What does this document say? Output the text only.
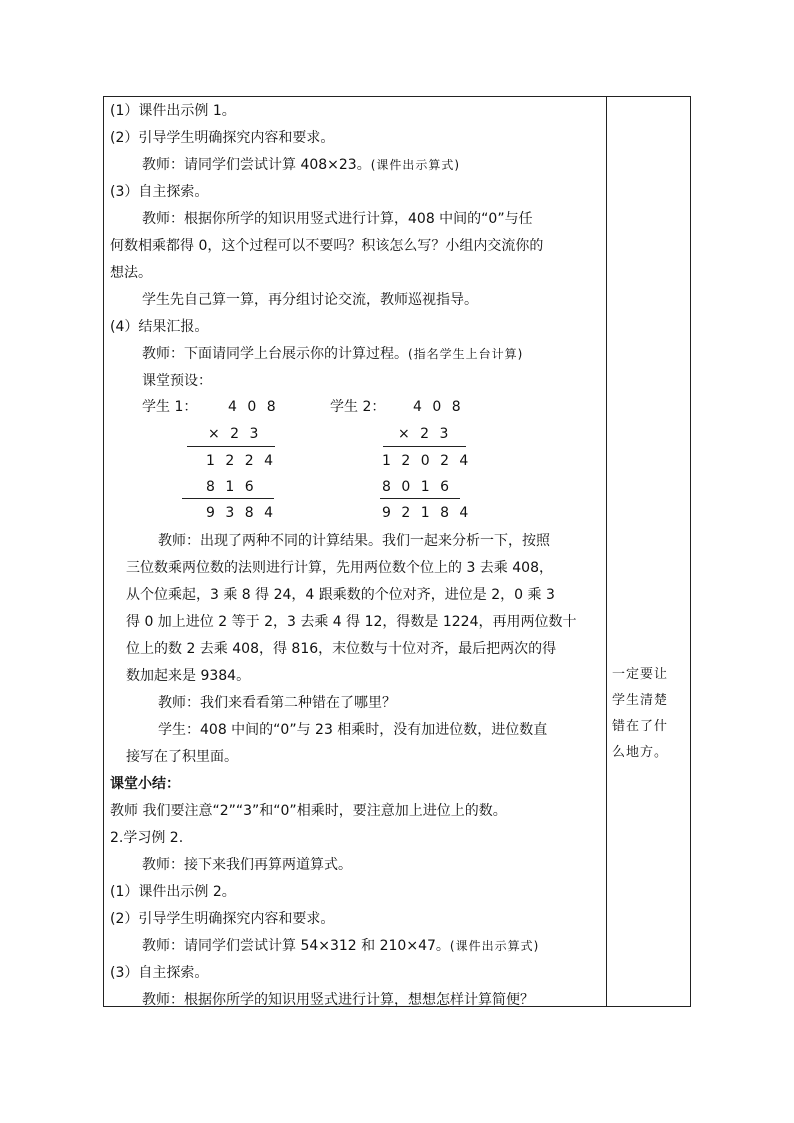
(1）课件出示例 1。
(2）引导学生明确探究内容和要求。
教师：请同学们尝试计算 408×23。(课件出示算式)
(3）自主探索。
教师：根据你所学的知识用竖式进行计算，408 中间的“0”与任
何数相乘都得 0，这个过程可以不要吗？积该怎么写？小组内交流你的
想法。
学生先自己算一算，再分组讨论交流，教师巡视指导。
(4）结果汇报。
教师：下面请同学上台展示你的计算过程。(指名学生上台计算)
课堂预设：
学生 1： 4 0 8
× 2 3
1 2 2 4
8 1 6
9 3 8 4
学生 2： 4 0 8
× 2 3
1 2 0 2 4
8 0 1 6
9 2 1 8 4
教师：出现了两种不同的计算结果。我们一起来分析一下，按照
三位数乘两位数的法则进行计算，先用两位数个位上的 3 去乘 408，
从个位乘起，3 乘 8 得 24，4 跟乘数的个位对齐，进位是 2，0 乘 3
得 0 加上进位 2 等于 2，3 去乘 4 得 12，得数是 1224，再用两位数十
位上的数 2 去乘 408，得 816，末位数与十位对齐，最后把两次的得
数加起来是 9384。
教师：我们来看看第二种错在了哪里？
学生：408 中间的“0”与 23 相乘时，没有加进位数，进位数直
接写在了积里面。
课堂小结：
教师 我们要注意“2”“3”和“0”相乘时，要注意加上进位上的数。
2.学习例 2.
教师：接下来我们再算两道算式。
(1）课件出示例 2。
(2）引导学生明确探究内容和要求。
教师：请同学们尝试计算 54×312 和 210×47。(课件出示算式)
(3）自主探索。
教师：根据你所学的知识用竖式进行计算，想想怎样计算简便？
一定要让
学生清楚
错在了什
么地方。
